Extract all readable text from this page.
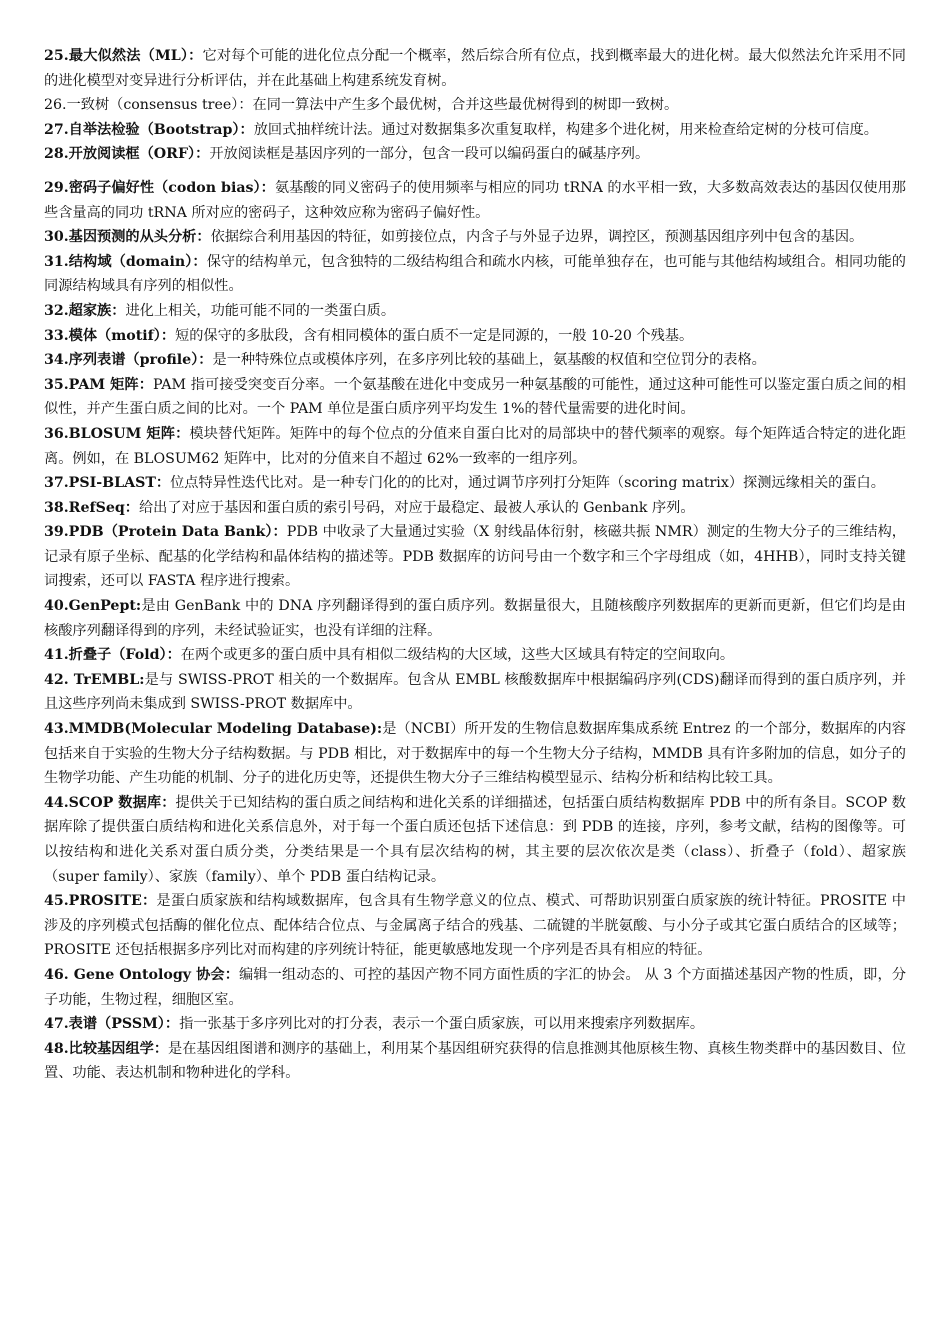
25.最大似然法（ML）：它对每个可能的进化位点分配一个概率，然后综合所有位点，找到概率最大的进化树。最大似然法允许采用不同的进化模型对变异进行分析评估，并在此基础上构建系统发育树。

26.一致树（consensus tree）：在同一算法中产生多个最优树，合并这些最优树得到的树即一致树。

27.自举法检验（Bootstrap）：放回式抽样统计法。通过对数据集多次重复取样，构建多个进化树，用来检查给定树的分枝可信度。

28.开放阅读框（ORF）：开放阅读框是基因序列的一部分，包含一段可以编码蛋白的碱基序列。

29.密码子偏好性（codon bias）：氨基酸的同义密码子的使用频率与相应的同功 tRNA 的水平相一致，大多数高效表达的基因仅使用那些含量高的同功 tRNA 所对应的密码子，这种效应称为密码子偏好性。

30.基因预测的从头分析：依据综合利用基因的特征，如剪接位点，内含子与外显子边界，调控区，预测基因组序列中包含的基因。

31.结构域（domain）：保守的结构单元，包含独特的二级结构组合和疏水内核，可能单独存在，也可能与其他结构域组合。相同功能的同源结构域具有序列的相似性。

32.超家族：进化上相关，功能可能不同的一类蛋白质。

33.模体（motif）：短的保守的多肽段，含有相同模体的蛋白质不一定是同源的，一般 10-20 个残基。

34.序列表谱（profile）：是一种特殊位点或模体序列，在多序列比较的基础上，氨基酸的权值和空位罚分的表格。

35.PAM 矩阵：PAM 指可接受突变百分率。一个氨基酸在进化中变成另一种氨基酸的可能性，通过这种可能性可以鉴定蛋白质之间的相似性，并产生蛋白质之间的比对。一个 PAM 单位是蛋白质序列平均发生 1%的替代量需要的进化时间。

36.BLOSUM 矩阵：模块替代矩阵。矩阵中的每个位点的分值来自蛋白比对的局部块中的替代频率的观察。每个矩阵适合特定的进化距离。例如，在 BLOSUM62 矩阵中，比对的分值来自不超过 62%一致率的一组序列。

37.PSI-BLAST：位点特异性迭代比对。是一种专门化的的比对，通过调节序列打分矩阵（scoring matrix）探测远缘相关的蛋白。

38.RefSeq：给出了对应于基因和蛋白质的索引号码，对应于最稳定、最被人承认的 Genbank 序列。

39.PDB（Protein Data Bank）：PDB 中收录了大量通过实验（X 射线晶体衍射，核磁共振 NMR）测定的生物大分子的三维结构，记录有原子坐标、配基的化学结构和晶体结构的描述等。PDB 数据库的访问号由一个数字和三个字母组成（如，4HHB），同时支持关键词搜索，还可以 FASTA 程序进行搜索。

40.GenPept:是由 GenBank 中的 DNA 序列翻译得到的蛋白质序列。数据量很大，且随核酸序列数据库的更新而更新，但它们均是由核酸序列翻译得到的序列，未经试验证实，也没有详细的注释。

41.折叠子（Fold）：在两个或更多的蛋白质中具有相似二级结构的大区域，这些大区域具有特定的空间取向。

42. TrEMBL:是与 SWISS-PROT 相关的一个数据库。包含从 EMBL 核酸数据库中根据编码序列(CDS)翻译而得到的蛋白质序列，并且这些序列尚未集成到 SWISS-PROT 数据库中。

43.MMDB(Molecular Modeling Database):是（NCBI）所开发的生物信息数据库集成系统 Entrez 的一个部分，数据库的内容包括来自于实验的生物大分子结构数据。与 PDB 相比，对于数据库中的每一个生物大分子结构，MMDB 具有许多附加的信息，如分子的生物学功能、产生功能的机制、分子的进化历史等，还提供生物大分子三维结构模型显示、结构分析和结构比较工具。

44.SCOP 数据库：提供关于已知结构的蛋白质之间结构和进化关系的详细描述，包括蛋白质结构数据库 PDB 中的所有条目。SCOP 数据库除了提供蛋白质结构和进化关系信息外，对于每一个蛋白质还包括下述信息：到 PDB 的连接，序列，参考文献，结构的图像等。可以按结构和进化关系对蛋白质分类，分类结果是一个具有层次结构的树，其主要的层次依次是类（class）、折叠子（fold）、超家族（super family）、家族（family）、单个 PDB 蛋白结构记录。

45.PROSITE：是蛋白质家族和结构域数据库，包含具有生物学意义的位点、模式、可帮助识别蛋白质家族的统计特征。PROSITE 中涉及的序列模式包括酶的催化位点、配体结合位点、与金属离子结合的残基、二硫键的半胱氨酸、与小分子或其它蛋白质结合的区域等；PROSITE 还包括根据多序列比对而构建的序列统计特征，能更敏感地发现一个序列是否具有相应的特征。

46. Gene Ontology 协会：编辑一组动态的、可控的基因产物不同方面性质的字汇的协会。 从 3 个方面描述基因产物的性质，即，分子功能，生物过程，细胞区室。

47.表谱（PSSM）：指一张基于多序列比对的打分表，表示一个蛋白质家族，可以用来搜索序列数据库。

48.比较基因组学：是在基因组图谱和测序的基础上，利用某个基因组研究获得的信息推测其他原核生物、真核生物类群中的基因数目、位置、功能、表达机制和物种进化的学科。
